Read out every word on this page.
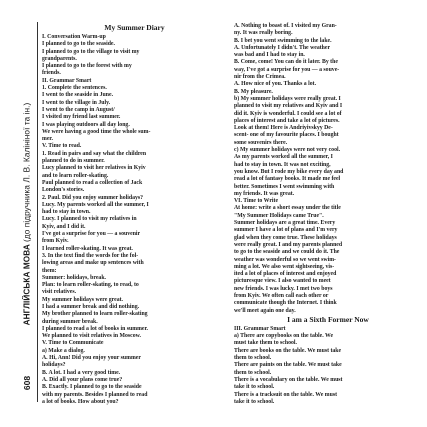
АНГЛІЙСЬКА МОВА (до підручника Л. В. Калініної та ін.)
608

My Summer Diary

I. Conversation Warm-up

I planned to go to the seaside.

I planned to go to the village to visit my

grandparents.

I planned to go to the forest with my

friends.

II. Grammar Smart

1. Complete the sentences.

I went to the seaside in June.

I went to the village in July.

I went to the camp in August/

I visited my friend last summer.

I was playing outdoors all day long.

We were having a good time the whole sum-

mer.

V. Time to read.

1. Read in pairs and say what the children

planned to do in summer.

Lucy planned to visit her relatives in Kyiv

and to learn roller-skating.

Paul planned to read a collection of Jack

London's stories.

2. Paul. Did you enjoy summer holidays?

Lucy. My parents worked all the summer, I

had to stay in town.

Lucy. I planned to visit my relatives in

Kyiv, and I did it.

I've got a surprise for you — a souvenir

from Kyiv.

I learned roller-skating. It was great.

3. In the text find the words for the fol-

lowing areas and make up sentences with

them:

Summer: holidays, break.

Plan: to learn roller-skating, to read, to

visit relatives.

My summer holidays were great.

I had a summer break and did nothing.

My brother planned to learn roller-skating

during summer break.

I planned to read a lot of books in summer.

We planned to visit relatives in Moscow.

V. Time to Communicate

a) Make a dialog.

A. Hi, Ann! Did you enjoy your summer

holidays?

B. A lot. I had a very good time.

A. Did all your plans come true?

B. Exactly. I planned to go to the seaside

with my parents. Besides I planned to read

a lot of books. How about you?

A. Nothing to boast of. I visited my Gran-

ny. It was really boring.

B. I bet you went swimming to the lake.

A. Unfortunately I didn't. The weather

was bad and I had to stay in.

B. Come, come! You can do it later. By the

way, I've got a surprise for you — a souve-

nir from the Crimea.

A. How nice of you. Thanks a lot.

B. My pleasure.

b) My summer holidays were really great. I

planned to visit my relatives and Kyiv and I

did it. Kyiv is wonderful. I could see a lot of

places of interest and take a lot of pictures.

Look at them! Here is Andriyivskyy De-

scent- one of my favourite places. I bought

some souvenirs there.

c) My summer holidays were not very cool.

As my parents worked all the summer, I

had to stay in town. It was not exciting,

you know. But I rode my bike every day and

read a lot of fantasy books. It made me feel

better. Sometimes I went swimming with

my friends. It was great.

VI. Time to Write

At home: write a short essay under the title

"My Summer Holidays came True".

Summer holidays are a great time. Every

summer I have a lot of plans and I'm very

glad when they come true. These holidays

were really great. I and my parents planned

to go to the seaside and we could do it. The

weather was wonderful so we went swim-

ming a lot. We also went sightseeing, vis-

ited a lot of places of interest and enjoyed

picturesque view. I also wanted to meet

new friends. I was lucky. I met two boys

from Kyiv. We often call each other or

communicate though the Internet. I think

we'll meet again one day.

I am a Sixth Former Now

III. Grammar Smart

a) There are copybooks on the table. We

must take them to school.

There are books on the table. We must take

them to school.

There are paints on the table. We must take

them to school.

There is a vocabulary on the table. We must

take it to school.

There is a tracksuit on the table. We must

take it to school.
